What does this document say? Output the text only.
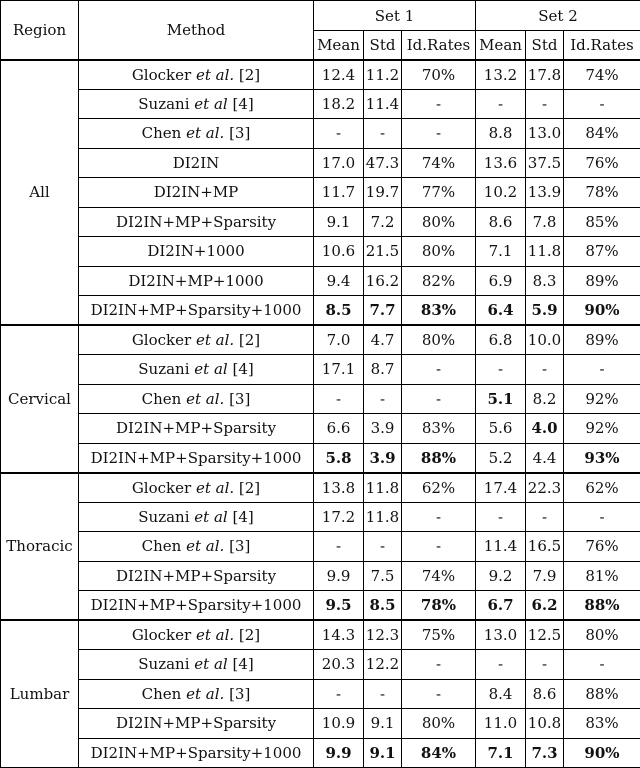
Region	Method	Set 1			Set 2		
		Mean	Std	Id.Rates	Mean	Std	Id.Rates
All	Glocker et al. [2]	12.4	11.2	70%	13.2	17.8	74%
	Suzani et al [4]	18.2	11.4	-	-	-	-
	Chen et al. [3]	-	-	-	8.8	13.0	84%
	DI2IN	17.0	47.3	74%	13.6	37.5	76%
	DI2IN+MP	11.7	19.7	77%	10.2	13.9	78%
	DI2IN+MP+Sparsity	9.1	7.2	80%	8.6	7.8	85%
	DI2IN+1000	10.6	21.5	80%	7.1	11.8	87%
	DI2IN+MP+1000	9.4	16.2	82%	6.9	8.3	89%
	DI2IN+MP+Sparsity+1000	8.5	7.7	83%	6.4	5.9	90%
Cervical	Glocker et al. [2]	7.0	4.7	80%	6.8	10.0	89%
	Suzani et al [4]	17.1	8.7	-	-	-	-
	Chen et al. [3]	-	-	-	5.1	8.2	92%
	DI2IN+MP+Sparsity	6.6	3.9	83%	5.6	4.0	92%
	DI2IN+MP+Sparsity+1000	5.8	3.9	88%	5.2	4.4	93%
Thoracic	Glocker et al. [2]	13.8	11.8	62%	17.4	22.3	62%
	Suzani et al [4]	17.2	11.8	-	-	-	-
	Chen et al. [3]	-	-	-	11.4	16.5	76%
	DI2IN+MP+Sparsity	9.9	7.5	74%	9.2	7.9	81%
	DI2IN+MP+Sparsity+1000	9.5	8.5	78%	6.7	6.2	88%
Lumbar	Glocker et al. [2]	14.3	12.3	75%	13.0	12.5	80%
	Suzani et al [4]	20.3	12.2	-	-	-	-
	Chen et al. [3]	-	-	-	8.4	8.6	88%
	DI2IN+MP+Sparsity	10.9	9.1	80%	11.0	10.8	83%
	DI2IN+MP+Sparsity+1000	9.9	9.1	84%	7.1	7.3	90%
